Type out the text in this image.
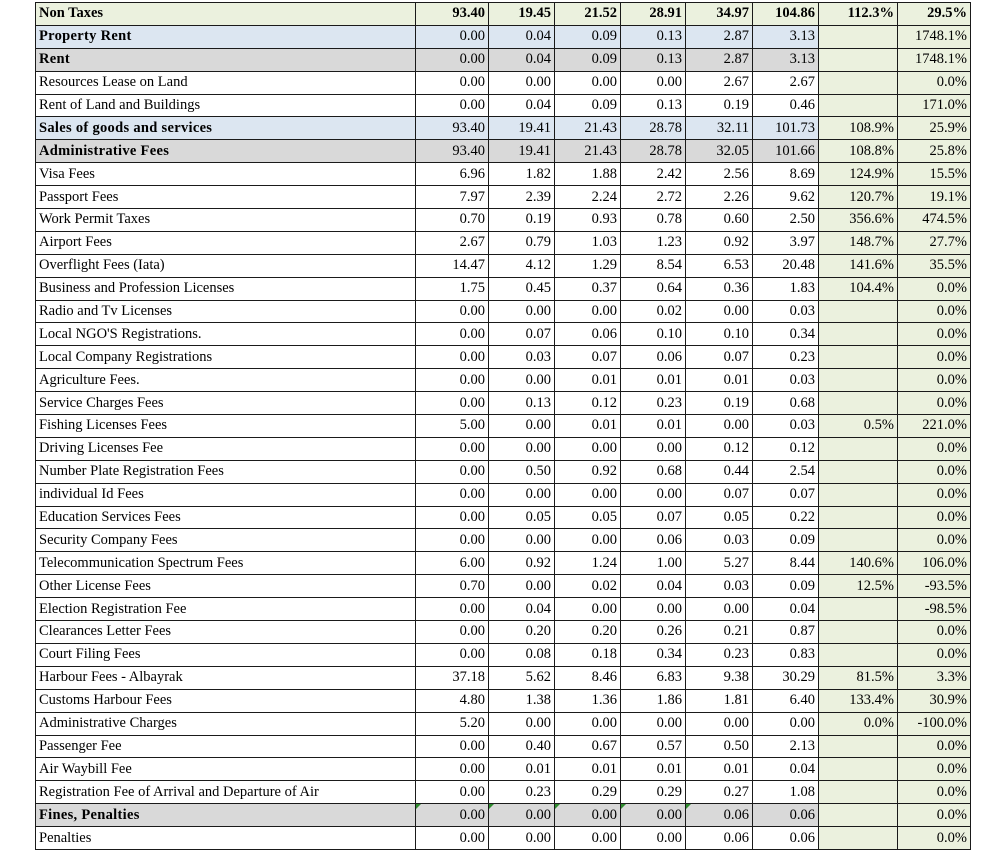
Non Taxes	93.40	19.45	21.52	28.91	34.97	104.86	112.3%	29.5%
Property Rent	0.00	0.04	0.09	0.13	2.87	3.13		1748.1%
Rent	0.00	0.04	0.09	0.13	2.87	3.13		1748.1%
Resources Lease on Land	0.00	0.00	0.00	0.00	2.67	2.67		0.0%
Rent of Land and Buildings	0.00	0.04	0.09	0.13	0.19	0.46		171.0%
Sales of goods and services	93.40	19.41	21.43	28.78	32.11	101.73	108.9%	25.9%
Administrative Fees	93.40	19.41	21.43	28.78	32.05	101.66	108.8%	25.8%
Visa Fees	6.96	1.82	1.88	2.42	2.56	8.69	124.9%	15.5%
Passport Fees	7.97	2.39	2.24	2.72	2.26	9.62	120.7%	19.1%
Work Permit Taxes	0.70	0.19	0.93	0.78	0.60	2.50	356.6%	474.5%
Airport Fees	2.67	0.79	1.03	1.23	0.92	3.97	148.7%	27.7%
Overflight Fees (Iata)	14.47	4.12	1.29	8.54	6.53	20.48	141.6%	35.5%
Business and Profession Licenses	1.75	0.45	0.37	0.64	0.36	1.83	104.4%	0.0%
Radio and Tv Licenses	0.00	0.00	0.00	0.02	0.00	0.03		0.0%
Local NGO'S Registrations.	0.00	0.07	0.06	0.10	0.10	0.34		0.0%
Local Company Registrations	0.00	0.03	0.07	0.06	0.07	0.23		0.0%
Agriculture Fees.	0.00	0.00	0.01	0.01	0.01	0.03		0.0%
Service Charges Fees	0.00	0.13	0.12	0.23	0.19	0.68		0.0%
Fishing Licenses Fees	5.00	0.00	0.01	0.01	0.00	0.03	0.5%	221.0%
Driving Licenses Fee	0.00	0.00	0.00	0.00	0.12	0.12		0.0%
Number Plate Registration Fees	0.00	0.50	0.92	0.68	0.44	2.54		0.0%
individual Id Fees	0.00	0.00	0.00	0.00	0.07	0.07		0.0%
Education Services Fees	0.00	0.05	0.05	0.07	0.05	0.22		0.0%
Security Company Fees	0.00	0.00	0.00	0.06	0.03	0.09		0.0%
Telecommunication Spectrum Fees	6.00	0.92	1.24	1.00	5.27	8.44	140.6%	106.0%
Other License Fees	0.70	0.00	0.02	0.04	0.03	0.09	12.5%	-93.5%
Election Registration Fee	0.00	0.04	0.00	0.00	0.00	0.04		-98.5%
Clearances Letter Fees	0.00	0.20	0.20	0.26	0.21	0.87		0.0%
Court Filing Fees	0.00	0.08	0.18	0.34	0.23	0.83		0.0%
Harbour Fees - Albayrak	37.18	5.62	8.46	6.83	9.38	30.29	81.5%	3.3%
Customs Harbour Fees	4.80	1.38	1.36	1.86	1.81	6.40	133.4%	30.9%
Administrative Charges	5.20	0.00	0.00	0.00	0.00	0.00	0.0%	-100.0%
Passenger Fee	0.00	0.40	0.67	0.57	0.50	2.13		0.0%
Air Waybill Fee	0.00	0.01	0.01	0.01	0.01	0.04		0.0%
Registration Fee of Arrival and Departure of Air	0.00	0.23	0.29	0.29	0.27	1.08		0.0%
Fines, Penalties	0.00	0.00	0.00	0.00	0.06	0.06		0.0%
Penalties	0.00	0.00	0.00	0.00	0.06	0.06		0.0%
